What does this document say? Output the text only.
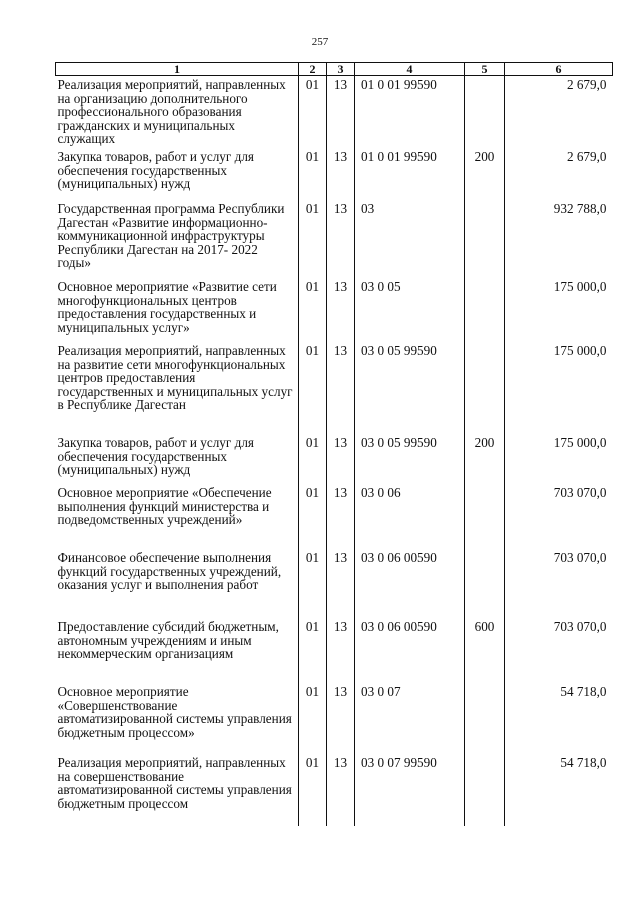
257
1	2	3	4	5	6
Реализация мероприятий, направленных на организацию дополнительного профессионального образования гражданских и муниципальных служащих	01	13	01 0 01 99590		2 679,0
Закупка товаров, работ и услуг для обеспечения государственных (муниципальных) нужд	01	13	01 0 01 99590	200	2 679,0
Государственная программа Республики Дагестан «Развитие информационно-коммуникационной инфраструктуры Республики Дагестан на 2017- 2022 годы»	01	13	03		932 788,0
Основное мероприятие «Развитие сети многофункциональных центров предоставления государственных и муниципальных услуг»	01	13	03 0 05		175 000,0
Реализация мероприятий, направленных на развитие сети многофункциональных центров предоставления государственных и муниципальных услуг в Республике Дагестан	01	13	03 0 05 99590		175 000,0
Закупка товаров, работ и услуг для обеспечения государственных (муниципальных) нужд	01	13	03 0 05 99590	200	175 000,0
Основное мероприятие «Обеспечение выполнения функций министерства и подведомственных учреждений»	01	13	03 0 06		703 070,0
Финансовое обеспечение выполнения функций государственных учреждений, оказания услуг и выполнения работ	01	13	03 0 06 00590		703 070,0
Предоставление субсидий бюджетным, автономным учреждениям и иным некоммерческим организациям	01	13	03 0 06 00590	600	703 070,0
Основное мероприятие «Совершенствование автоматизированной системы управления бюджетным процессом»	01	13	03 0 07		54 718,0
Реализация мероприятий, направленных на совершенствование автоматизированной системы управления бюджетным процессом	01	13	03 0 07 99590		54 718,0
